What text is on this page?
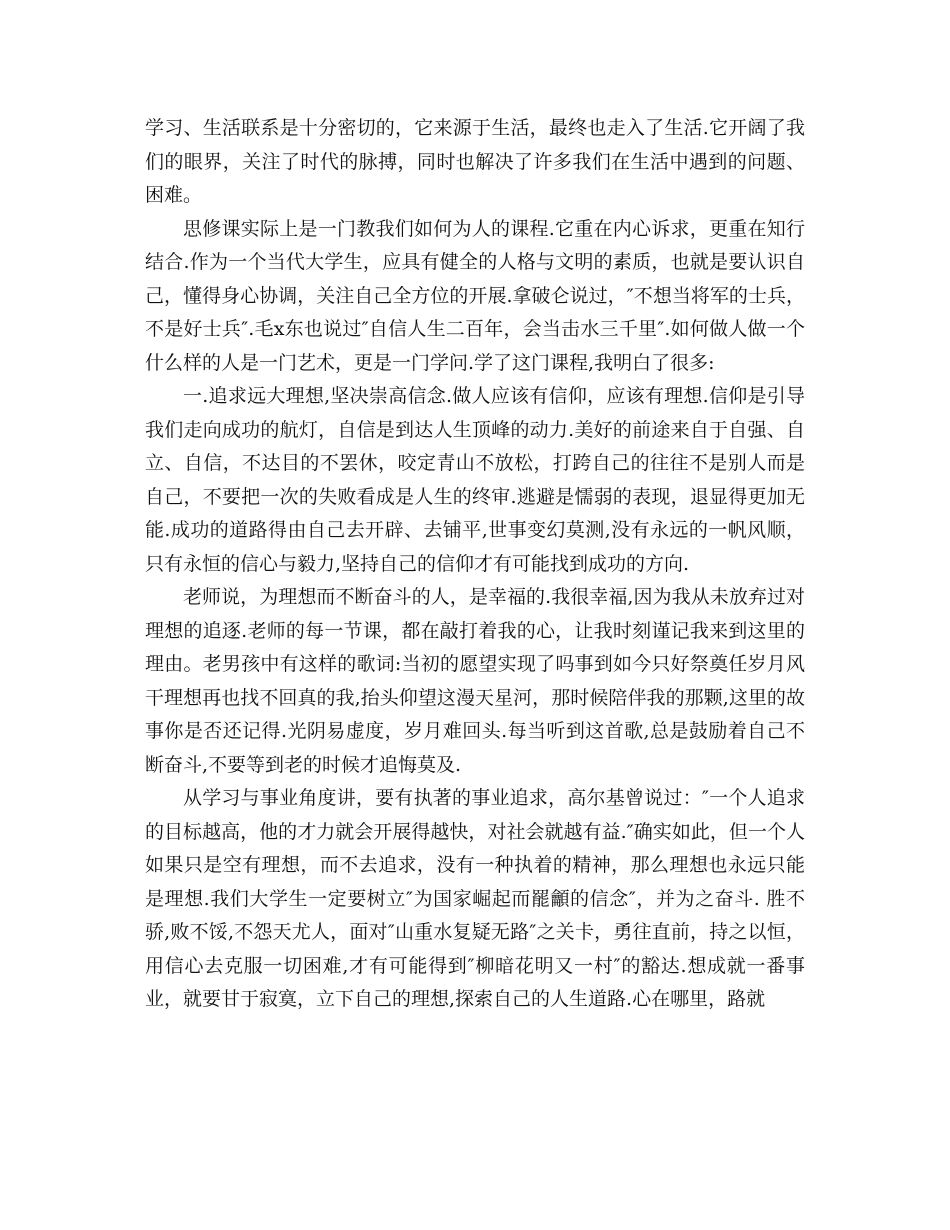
学习、生活联系是十分密切的，它来源于生活，最终也走入了生活.它开阔了我们的眼界，关注了时代的脉搏，同时也解决了许多我们在生活中遇到的问题、困难。

思修课实际上是一门教我们如何为人的课程.它重在内心诉求，更重在知行结合.作为一个当代大学生，应具有健全的人格与文明的素质，也就是要认识自己，懂得身心协调，关注自己全方位的开展.拿破仑说过，″不想当将军的士兵，不是好士兵″.毛x东也说过″自信人生二百年，会当击水三千里″.如何做人做一个什么样的人是一门艺术，更是一门学问.学了这门课程,我明白了很多:

一.追求远大理想,坚决崇高信念.做人应该有信仰，应该有理想.信仰是引导我们走向成功的航灯，自信是到达人生顶峰的动力.美好的前途来自于自强、自立、自信，不达目的不罢休，咬定青山不放松，打跨自己的往往不是别人而是自己，不要把一次的失败看成是人生的终审.逃避是懦弱的表现，退显得更加无能.成功的道路得由自己去开辟、去铺平,世事变幻莫测,没有永远的一帆风顺，只有永恒的信心与毅力,坚持自己的信仰才有可能找到成功的方向.

老师说，为理想而不断奋斗的人，是幸福的.我很幸福,因为我从未放弃过对理想的追逐.老师的每一节课，都在敲打着我的心，让我时刻谨记我来到这里的理由。老男孩中有这样的歌词:当初的愿望实现了吗事到如今只好祭奠任岁月风干理想再也找不回真的我,抬头仰望这漫天星河，那时候陪伴我的那颗,这里的故事你是否还记得.光阴易虚度，岁月难回头.每当听到这首歌,总是鼓励着自己不断奋斗,不要等到老的时候才追悔莫及.

从学习与事业角度讲，要有执著的事业追求，高尔基曾说过：″一个人追求的目标越高，他的才力就会开展得越快，对社会就越有益.″确实如此，但一个人如果只是空有理想，而不去追求，没有一种执着的精神，那么理想也永远只能是理想.我们大学生一定要树立″为国家崛起而罷龥的信念″，并为之奋斗. 胜不骄,败不馁,不怨天尤人，面对″山重水复疑无路″之关卡，勇往直前，持之以恒，用信心去克服一切困难,才有可能得到″柳暗花明又一村″的豁达.想成就一番事业，就要甘于寂寞，立下自己的理想,探索自己的人生道路.心在哪里，路就
